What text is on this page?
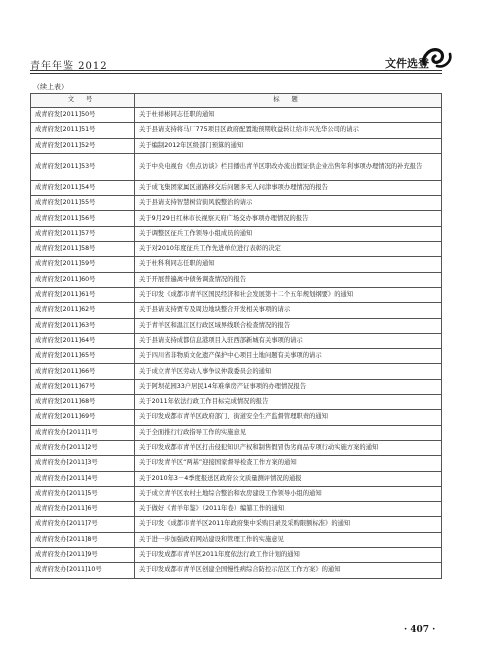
青年年鉴 2012	文件选登
（续上表）
文 号	标 题
成青府发[2011]50号	关于杜祥彬同志任职的通知
成青府发[2011]51号	关于县请支持将马厂775项目区政府配置地预期收益转让给市兴光华公司的请示
成青府发[2011]52号	关于编制2012年区级部门预算的通知
成青府发[2011]53号	关于中央电视台《焦点访谈》栏目播出青羊区职改办流出假证供企业出售年利事项办理情况的补充报告
成青府发[2011]54号	关于成飞集团家属区道路移交后问题多无人问津事项办理情况的报告
成青府发[2011]55号	关于县请支持智慧树营街风貌整治的请示
成青府发[2011]56号	关于9月29日红林市长视察天府广场交办事项办理情况的报告
成青府发[2011]57号	关于调整区征兵工作领导小组成员的通知
成青府发[2011]58号	关于对2010年度征兵工作先进单位进行表彰的决定
成青府发[2011]59号	关于杜科利同志任职的通知
成青府发[2011]60号	关于开展普遍离中债务调查情况的报告
成青府发[2011]61号	关于印发《成都市青羊区国民经济和社会发展第十二个五年规划纲要》的通知
成青府发[2011]62号	关于县请支持贾专及周边地块整合开发相关事项的请示
成青府发[2011]63号	关于青羊区和温江区行政区域界线联合检查情况的报告
成青府发[2011]64号	关于县请支持成都信息港项目入驻西部新城有关事项的请示
成青府发[2011]65号	关于四川省非物质文化遗产保护中心项目土地问题有关事项的请示
成青府发[2011]66号	关于成立青羊区劳动人事争议仲裁委员会的通知
成青府发[2011]67号	关于阿坝花园33户居民14年难拿房产证事项的办理情况报告
成青府发[2011]68号	关于2011年依法行政工作目标完成情况的报告
成青府发[2011]69号	关于印发成都市青羊区政府部门、街道安全生产监督管理职责的通知
成青府发办[2011]1号	关于全面推行行政指导工作的实施意见
成青府发办[2011]2号	关于印发成都市青羊区打击侵犯知识产权和制售假冒伪劣商品专项行动实施方案的通知
成青府发办[2011]3号	关于印发青羊区“两基”迎接国家督导检查工作方案的通知
成青府发办[2011]4号	关于2010年3－4季度报送区政府公文质量测评情况的通报
成青府发办[2011]5号	关于成立青羊区农村土地综合整治和农房建设工作领导小组的通知
成青府发办[2011]6号	关于做好《青羊年鉴》（2011年卷）编纂工作的通知
成青府发办[2011]7号	关于印发《成都市青羊区2011年政府集中采购目录及采购限额标准》的通知
成青府发办[2011]8号	关于进一步加强政府网站建设和管理工作的实施意见
成青府发办[2011]9号	关于印发成都市青羊区2011年度依法行政工作计划的通知
成青府发办[2011]10号	关于印发成都市青羊区创建全国慢性病综合防控示范区工作方案》的通知
· 407 ·
